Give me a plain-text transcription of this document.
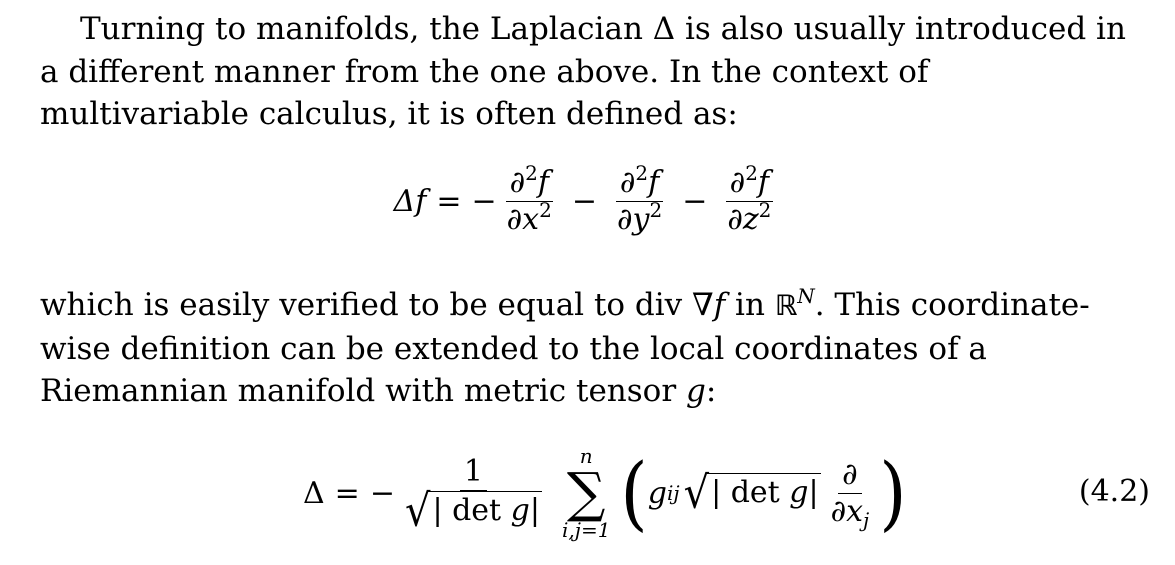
Turning to manifolds, the Laplacian Δ is also usually introduced in a different manner from the one above. In the context of multivariable calculus, it is often defined as:

Δf = − $\frac{\partial^2f}{\partial x^2} - \frac{\partial^2f}{\partial y^2} - \frac{\partial^2f}{\partial z^2}$

which is easily verified to be equal to div ∇f in ℝ$^N$. This coordinate-wise definition can be extended to the local coordinates of a Riemannian manifold with metric tensor g:

Δ = − $\frac{1}{\text{√ | det g|}}$ n
∑
i,j=1 ( g ij √ | $\det g| \frac{\partial}{\partial x_j}$ )	(4.2)
